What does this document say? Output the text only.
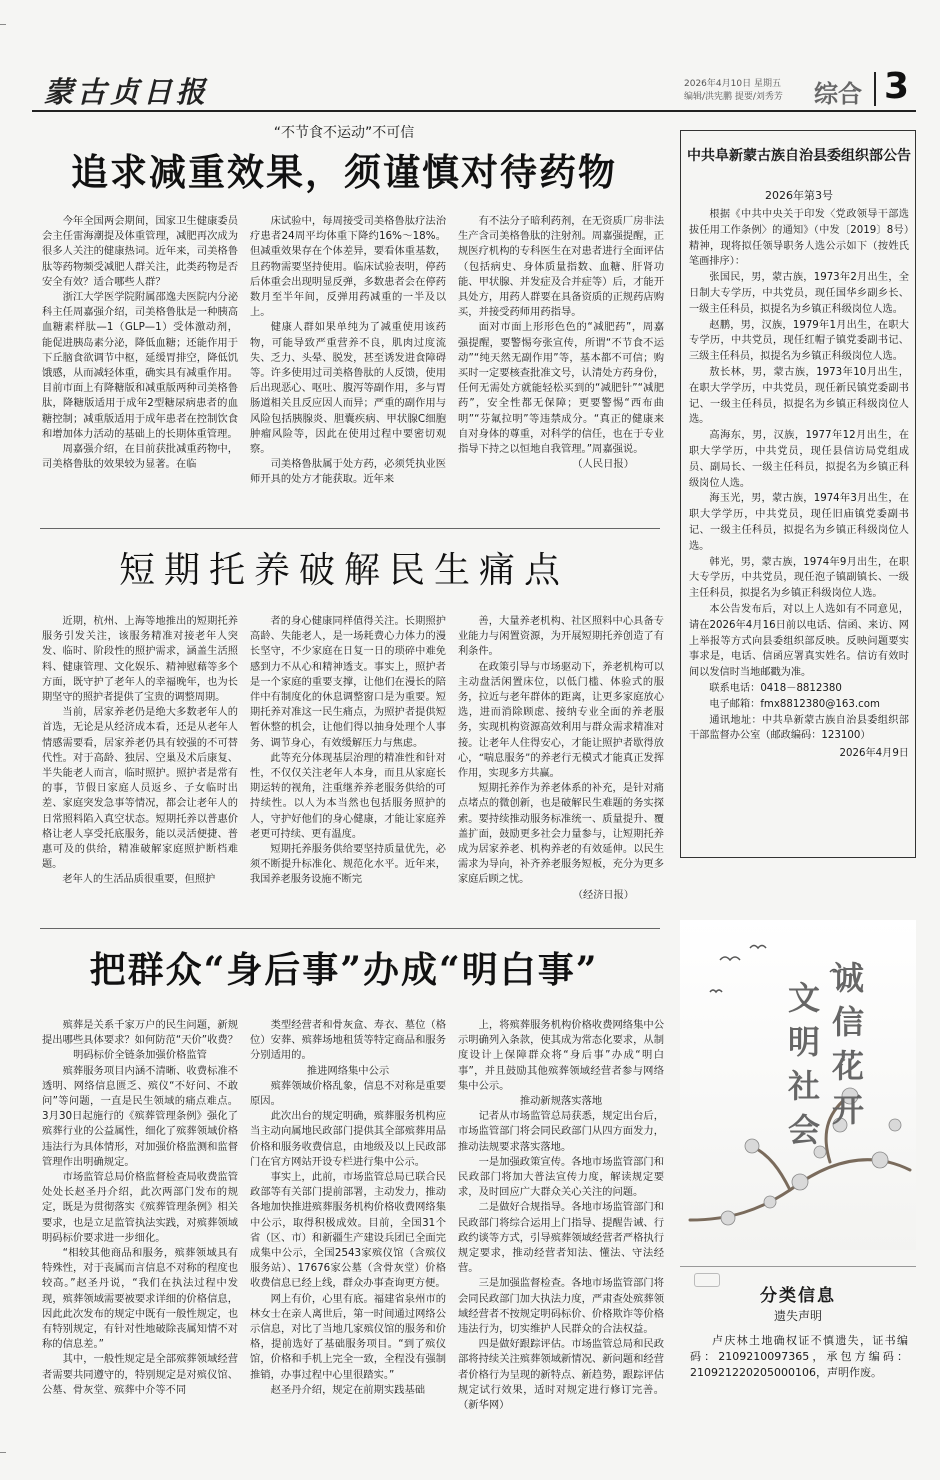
蒙古贞日报	2026年4月10日 星期五
编辑/洪宪鹏 提要/刘秀芳 综合 3
“不节食不运动”不可信
追求减重效果，须谨慎对待药物

今年全国两会期间，国家卫生健康委员会主任雷海潮提及体重管理，减肥再次成为很多人关注的健康热词。近年来，司美格鲁肽等药物频受减肥人群关注，此类药物是否安全有效？适合哪些人群？

浙江大学医学院附属邵逸夫医院内分泌科主任周嘉强介绍，司美格鲁肽是一种胰高血糖素样肽—1（GLP—1）受体激动剂，能促进胰岛素分泌，降低血糖；还能作用于下丘脑食欲调节中枢，延缓胃排空，降低饥饿感，从而减轻体重，确实具有减重作用。目前市面上有降糖版和减重版两种司美格鲁肽，降糖版适用于成年2型糖尿病患者的血糖控制；减重版适用于成年患者在控制饮食和增加体力活动的基础上的长期体重管理。

周嘉强介绍，在目前获批减重药物中，司美格鲁肽的效果较为显著。在临

床试验中，每周接受司美格鲁肽疗法治疗患者24周平均体重下降约16%～18%。但减重效果存在个体差异，要看体重基数，且药物需要坚持使用。临床试验表明，停药后体重会出现明显反弹，多数患者会在停药数月至半年间，反弹用药减重的一半及以上。

健康人群如果单纯为了减重使用该药物，可能导致严重营养不良，肌肉过度流失、乏力、头晕、脱发，甚至诱发进食障碍等。许多使用过司美格鲁肽的人反馈，使用后出现恶心、呕吐、腹泻等副作用，多与胃肠道相关且反应因人而异；严重的副作用与风险包括胰腺炎、胆囊疾病、甲状腺C细胞肿瘤风险等，因此在使用过程中要密切观察。

司美格鲁肽属于处方药，必须凭执业医师开具的处方才能获取。近年来

有不法分子暗利药剂，在无资质厂房非法生产含司美格鲁肽的注射剂。周嘉强提醒，正规医疗机构的专科医生在对患者进行全面评估（包括病史、身体质量指数、血糖、肝肾功能、甲状腺、并发症及合并症等）后，才能开具处方，用药人群要在具备资质的正规药店购买，并接受药师用药指导。

面对市面上形形色色的“减肥药”，周嘉强提醒，要警惕夸张宣传，所谓“不节食不运动”“纯天然无副作用”等，基本都不可信；购买时一定要核查批准文号，认清处方药身份，任何无需处方就能轻松买到的“减肥针”“减肥药”，安全性都无保障；更要警惕“西布曲明”“芬氟拉明”等违禁成分。“真正的健康来自对身体的尊重，对科学的信任，也在于专业指导下持之以恒地自我管理。”周嘉强说。

（人民日报）

短期托养破解民生痛点

近期，杭州、上海等地推出的短期托养服务引发关注，该服务精准对接老年人突发、临时、阶段性的照护需求，涵盖生活照料、健康管理、文化娱乐、精神慰藉等多个方面，既守护了老年人的幸福晚年，也为长期坚守的照护者提供了宝贵的调整周期。

当前，居家养老仍是绝大多数老年人的首选，无论是从经济成本看，还是从老年人情感需要看，居家养老仍具有较强的不可替代性。对于高龄、独居、空巢及术后康复、半失能老人而言，临时照护。照护者是常有的事，节假日家庭人员返乡、子女临时出差、家庭突发急事等情况，都会让老年人的日常照料陷入真空状态。短期托养以普惠价格让老人享受托底服务，能以灵活便捷、普惠可及的供给，精准破解家庭照护断档难题。

老年人的生活品质很重要，但照护

者的身心健康同样值得关注。长期照护高龄、失能老人，是一场耗费心力体力的漫长坚守，不少家庭在日复一日的琐碎中难免感到力不从心和精神透支。事实上，照护者是一个家庭的重要支撑，让他们在漫长的陪伴中有制度化的休息调整窗口是为重要。短期托养对准这一民生痛点，为照护者提供短暂休整的机会，让他们得以抽身处理个人事务、调节身心，有效缓解压力与焦虑。

此等充分体现基层治理的精准性和针对性，不仅仅关注老年人本身，而且从家庭长期运转的视角，注重继养养老服务供给的可持续性。以人为本当然也包括服务照护的人，守护好他们的身心健康，才能让家庭养老更可持续、更有温度。

短期托养服务供给要坚持质量优先，必须不断提升标准化、规范化水平。近年来，我国养老服务设施不断完

善，大量养老机构、社区照料中心具备专业能力与闲置资源，为开展短期托养创造了有利条件。

在政策引导与市场驱动下，养老机构可以主动盘活闲置床位，以低门槛、体验式的服务，拉近与老年群体的距离，让更多家庭放心选，进而消除顾虑、接纳专业全面的养老服务，实现机构资源高效利用与群众需求精准对接。让老年人住得安心，才能让照护者歇得放心，“喘息服务”的养老行无模式才能真正发挥作用，实现多方共赢。

短期托养作为养老体系的补充，是针对痛点堵点的微创新，也是破解民生难题的务实探索。要持续推动服务标准统一、质量提升、覆盖扩面，鼓励更多社会力量参与，让短期托养成为居家养老、机构养老的有效延伸。以民生需求为导向，补齐养老服务短板，充分为更多家庭后顾之忧。

（经济日报）

把群众“身后事”办成“明白事”

殡葬是关系千家万户的民生问题，新规提出哪些具体要求？如何防范“天价”收费？

明码标价全链条加强价格监管

殡葬服务项目内涵不清晰、收费标准不透明、网络信息匮乏、殡仪“不好问、不敢问”等问题，一直是民生领域的痛点难点。3月30日起施行的《殡葬管理条例》强化了殡葬行业的公益属性，细化了殡葬领域价格违法行为具体情形，对加强价格监测和监督管理作出明确规定。

市场监管总局价格监督检查局收费监管处处长赵圣丹介绍，此次两部门发布的规定，既是为贯彻落实《殡葬管理条例》相关要求，也是立足监管执法实践，对殡葬领域明码标价要求进一步细化。

“相较其他商品和服务，殡葬领域具有特殊性，对于丧属而言信息不对称的程度也较高。”赵圣丹说，“我们在执法过程中发现，殡葬领域需要被要求详细的价格信息，因此此次发布的规定中既有一般性规定，也有特别规定，有针对性地破除丧属知情不对称的信息差。”

其中，一般性规定是全部殡葬领域经营者需要共同遵守的，特别规定是对殡仪馆、公墓、骨灰堂、殡葬中介等不同

类型经营者和骨灰盒、寿衣、墓位（格位）安葬、殡葬场地租赁等特定商品和服务分别适用的。

推进网络集中公示

殡葬领域价格乱象，信息不对称是重要原因。

此次出台的规定明确，殡葬服务机构应当主动向属地民政部门提供其全部殡葬用品价格和服务收费信息，由地级及以上民政部门在官方网站开设专栏进行集中公示。

事实上，此前，市场监管总局已联合民政部等有关部门提前部署，主动发力，推动各地加快推进殡葬服务机构价格收费网络集中公示，取得积极成效。目前，全国31个省（区、市）和新疆生产建设兵团已全面完成集中公示，全国2543家殡仪馆（含殡仪服务站）、17676家公墓（含骨灰堂）价格收费信息已经上线，群众办事查询更方便。

网上有价，心里有底。福建省泉州市的林女士在亲人离世后，第一时间通过网络公示信息，对比了当地几家殡仪馆的服务和价格，提前选好了基础服务项目。“到了殡仪馆，价格和手机上完全一致，全程没有强制推销，办事过程中心里很踏实。”

赵圣丹介绍，规定在前期实践基础

上，将殡葬服务机构价格收费网络集中公示明确列入条款，使其成为常态化要求，从制度设计上保障群众将“身后事”办成“明白事”，并且鼓励其他殡葬领域经营者参与网络集中公示。

推动新规落实落地

记者从市场监管总局获悉，规定出台后，市场监管部门将会同民政部门从四方面发力，推动法规要求落实落地。

一是加强政策宣传。各地市场监管部门和民政部门将加大普法宣传力度，解读规定要求，及时回应广大群众关心关注的问题。

二是做好合规指导。各地市场监管部门和民政部门将综合运用上门指导、提醒告诫、行政约谈等方式，引导殡葬领域经营者严格执行规定要求，推动经营者知法、懂法、守法经营。

三是加强监督检查。各地市场监管部门将会同民政部门加大执法力度，严肃查处殡葬领域经营者不按规定明码标价、价格欺诈等价格违法行为，切实维护人民群众的合法权益。

四是做好跟踪评估。市场监管总局和民政部将持续关注殡葬领域新情况、新问题和经营者价格行为呈现的新特点、新趋势，跟踪评估规定试行效果，适时对规定进行修订完善。（新华网）

中共阜新蒙古族自治县委组织部公告
2026年第3号

根据《中共中央关于印发〈党政领导干部选拔任用工作条例〉的通知》（中发〔2019〕8号）精神，现将拟任领导职务人选公示如下（按姓氏笔画排序）：

张国民，男，蒙古族，1973年2月出生，全日制大专学历，中共党员，现任国华乡副乡长、一级主任科员，拟提名为乡镇正科级岗位人选。

赵鹏，男，汉族，1979年1月出生，在职大专学历，中共党员，现任红帽子镇党委副书记、三级主任科员，拟提名为乡镇正科级岗位人选。

敖长林，男，蒙古族，1973年10月出生，在职大学学历，中共党员，现任新民镇党委副书记、一级主任科员，拟提名为乡镇正科级岗位人选。

高海东，男，汉族，1977年12月出生，在职大学学历，中共党员，现任县信访局党组成员、副局长、一级主任科员，拟提名为乡镇正科级岗位人选。

海玉光，男，蒙古族，1974年3月出生，在职大学学历，中共党员，现任旧庙镇党委副书记、一级主任科员，拟提名为乡镇正科级岗位人选。

韩光，男，蒙古族，1974年9月出生，在职大专学历，中共党员，现任泡子镇副镇长、一级主任科员，拟提名为乡镇正科级岗位人选。

本公告发布后，对以上人选如有不同意见，请在2026年4月16日前以电话、信函、来访、网上举报等方式向县委组织部反映。反映问题要实事求是，电话、信函应署真实姓名。信访有效时间以发信时当地邮戳为准。

联系电话：0418－8812380

电子邮箱：fmx8812380@163.com

通讯地址：中共阜新蒙古族自治县委组织部干部监督办公室（邮政编码：123100）

2026年4月9日

诚信花开
文明社会
分类信息
遗失声明
卢庆林土地确权证不慎遗失，证书编码：2109210097365，承包方编码：210921220205000106，声明作废。
